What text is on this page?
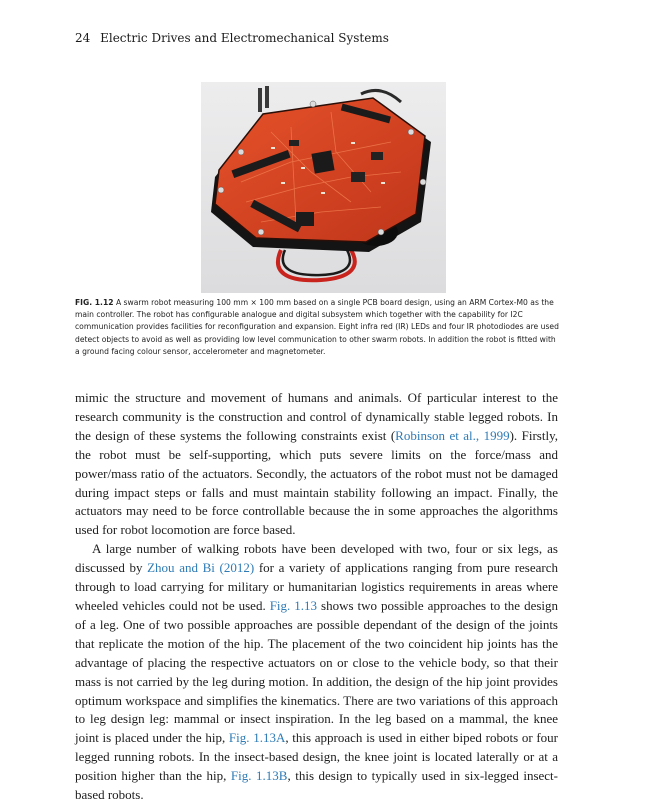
24 Electric Drives and Electromechanical Systems
FIG. 1.12 A swarm robot measuring 100 mm × 100 mm based on a single PCB board design, using an ARM Cortex-M0 as the main controller. The robot has configurable analogue and digital subsystem which together with the capability for I2C communication provides facilities for reconfiguration and expansion. Eight infra red (IR) LEDs and four IR photodiodes are used detect objects to avoid as well as providing low level communication to other swarm robots. In addition the robot is fitted with a ground facing colour sensor, accelerometer and magnetometer.

mimic the structure and movement of humans and animals. Of particular interest to the research community is the construction and control of dynamically stable legged robots. In the design of these systems the following constraints exist (Robinson et al., 1999). Firstly, the robot must be self-supporting, which puts severe limits on the force/mass and power/mass ratio of the actuators. Secondly, the actuators of the robot must not be damaged during impact steps or falls and must maintain stability following an impact. Finally, the actuators may need to be force controllable because the in some approaches the algorithms used for robot locomotion are force based.

A large number of walking robots have been developed with two, four or six legs, as discussed by Zhou and Bi (2012) for a variety of applications ranging from pure research through to load carrying for military or humanitarian logistics requirements in areas where wheeled vehicles could not be used. Fig. 1.13 shows two possible approaches to the design of a leg. One of two possible approaches are possible dependant of the design of the joints that replicate the motion of the hip. The placement of the two coincident hip joints has the advantage of placing the respective actuators on or close to the vehicle body, so that their mass is not carried by the leg during motion. In addition, the design of the hip joint provides optimum workspace and simplifies the kinematics. There are two variations of this approach to leg design leg: mammal or insect inspiration. In the leg based on a mammal, the knee joint is placed under the hip, Fig. 1.13A, this approach is used in either biped robots or four legged running robots. In the insect-based design, the knee joint is located laterally or at a position higher than the hip, Fig. 1.13B, this design to typically used in six-legged insect-based robots.
